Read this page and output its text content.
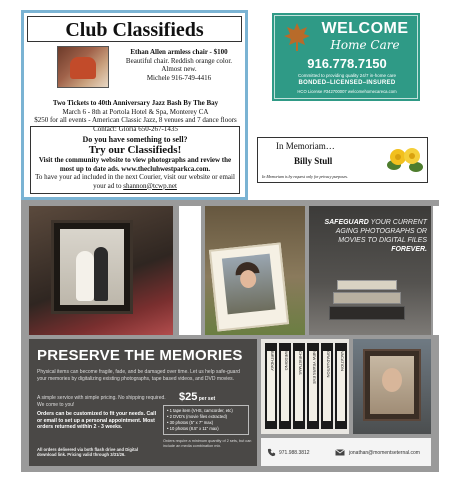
Club Classifieds
Ethan Allen armless chair - $100
Beautiful chair. Reddish orange color.
Almost new.
Michele 916-749-4416
Two Tickets to 40th Anniversary Jazz Bash By The Bay
March 6 - 8th at Portola Hotel & Spa, Monterey CA
$250 for all events - American Classic Jazz, 8 venues and 7 dance floors
Contact: Gloria 650-267-1435
Do you have something to sell?
Try our Classifieds!
Visit the community website to view photographs and review the most up to date ads. www.thecluhwestparkca.com.
To have your ad included in the next Courier, visit our website or email
your ad to shannon@tcwp.net
WELCOME
Home Care
916.778.7150
Committed to providing quality 24/7 in-home care
BONDED–LICENSED–INSURED
HCO License #342700007 welcomehomecareca.com
In Memoriam…
Billy Stull
In Memoriam is by request only for privacy purposes.
SAFEGUARD YOUR CURRENT AGING PHOTOGRAPHS OR MOVIES TO DIGITAL FILES FOREVER.
PRESERVE THE MEMORIES
Physical items can become fragile, fade, and be damaged over time. Let us help safe-guard your memories by digitalizing existing photographs, tape based videos, and DVD movies.
A simple service with simple pricing. No shipping required. We come to you!
Orders can be customized to fit your needs. Call or email to set up a personal appointment. Most orders returned within 2 - 3 weeks.
All orders delivered via both flash drive and Digital download link. Pricing valid through 3/31/26.
$25 per set
• 1 tape item (VHS, camcorder, etc)
• 2 DVD's (movie files extracted)
• 30 photos (5" x 7" max)
• 10 photos (8.5" x 11" max)
Orders require a minimum quantity of 2 sets, but can include an media combination mix.
BIRTHDAY	WEDDING	CHRISTMAS	NEW YEARS EVE	GRADUATION	VACATION
971.988.3812	jonathan@momentseternal.com
